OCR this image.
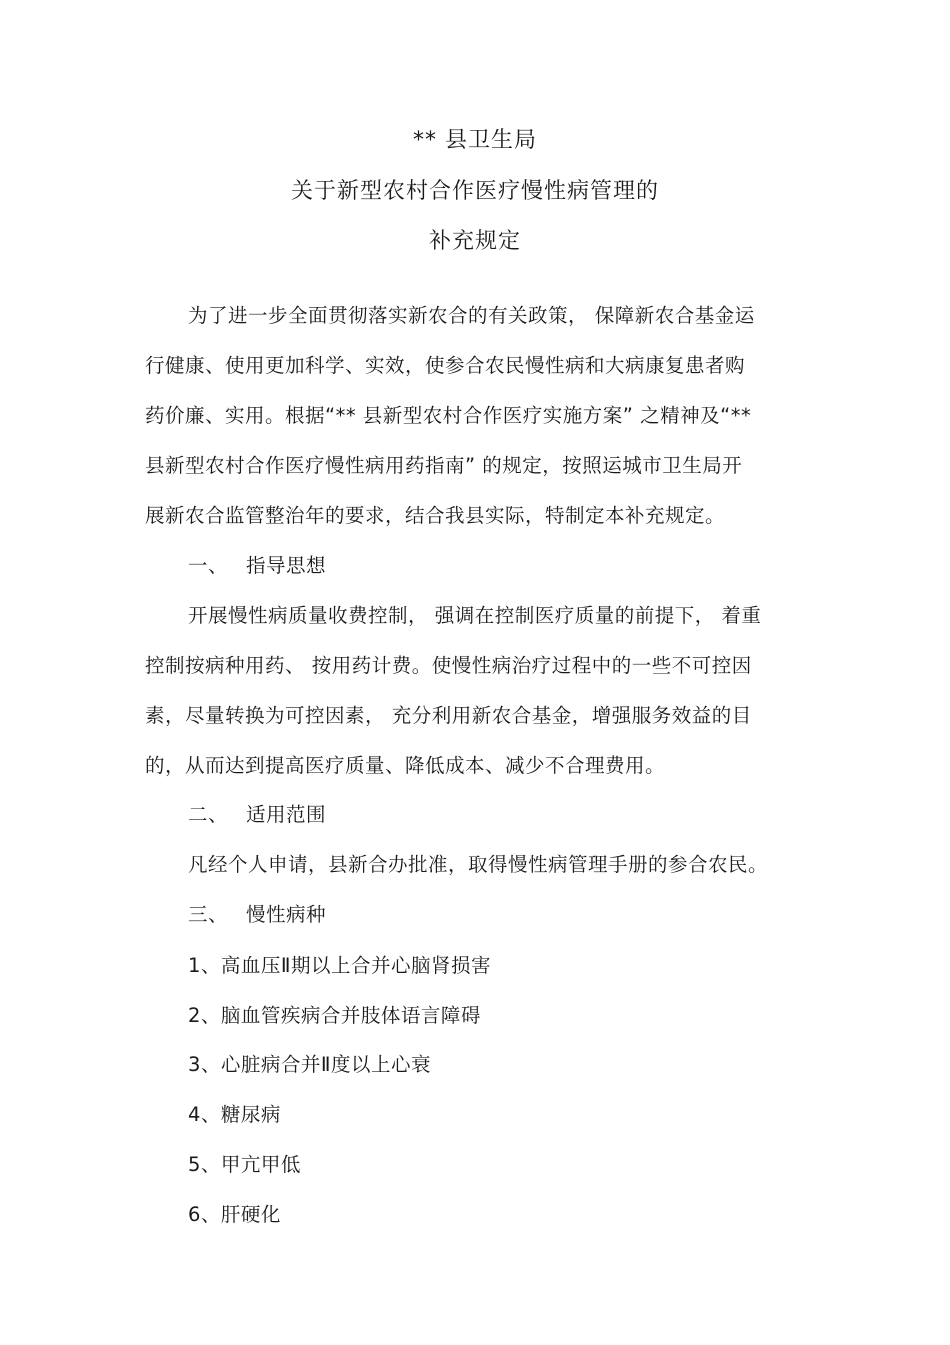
** 县卫生局
关于新型农村合作医疗慢性病管理的
补充规定
为了进一步全面贯彻落实新农合的有关政策， 保障新农合基金运
行健康、使用更加科学、实效，使参合农民慢性病和大病康复患者购
药价廉、实用。根据“** 县新型农村合作医疗实施方案” 之精神及“**
县新型农村合作医疗慢性病用药指南” 的规定，按照运城市卫生局开
展新农合监管整治年的要求，结合我县实际，特制定本补充规定。
一、 指导思想
开展慢性病质量收费控制， 强调在控制医疗质量的前提下， 着重
控制按病种用药、 按用药计费。使慢性病治疗过程中的一些不可控因
素，尽量转换为可控因素， 充分利用新农合基金，增强服务效益的目
的，从而达到提高医疗质量、降低成本、减少不合理费用。
二、 适用范围
凡经个人申请，县新合办批准，取得慢性病管理手册的参合农民。
三、 慢性病种
1、高血压Ⅱ期以上合并心脑肾损害
2、脑血管疾病合并肢体语言障碍
3、心脏病合并Ⅱ度以上心衰
4、糖尿病
5、甲亢甲低
6、肝硬化
